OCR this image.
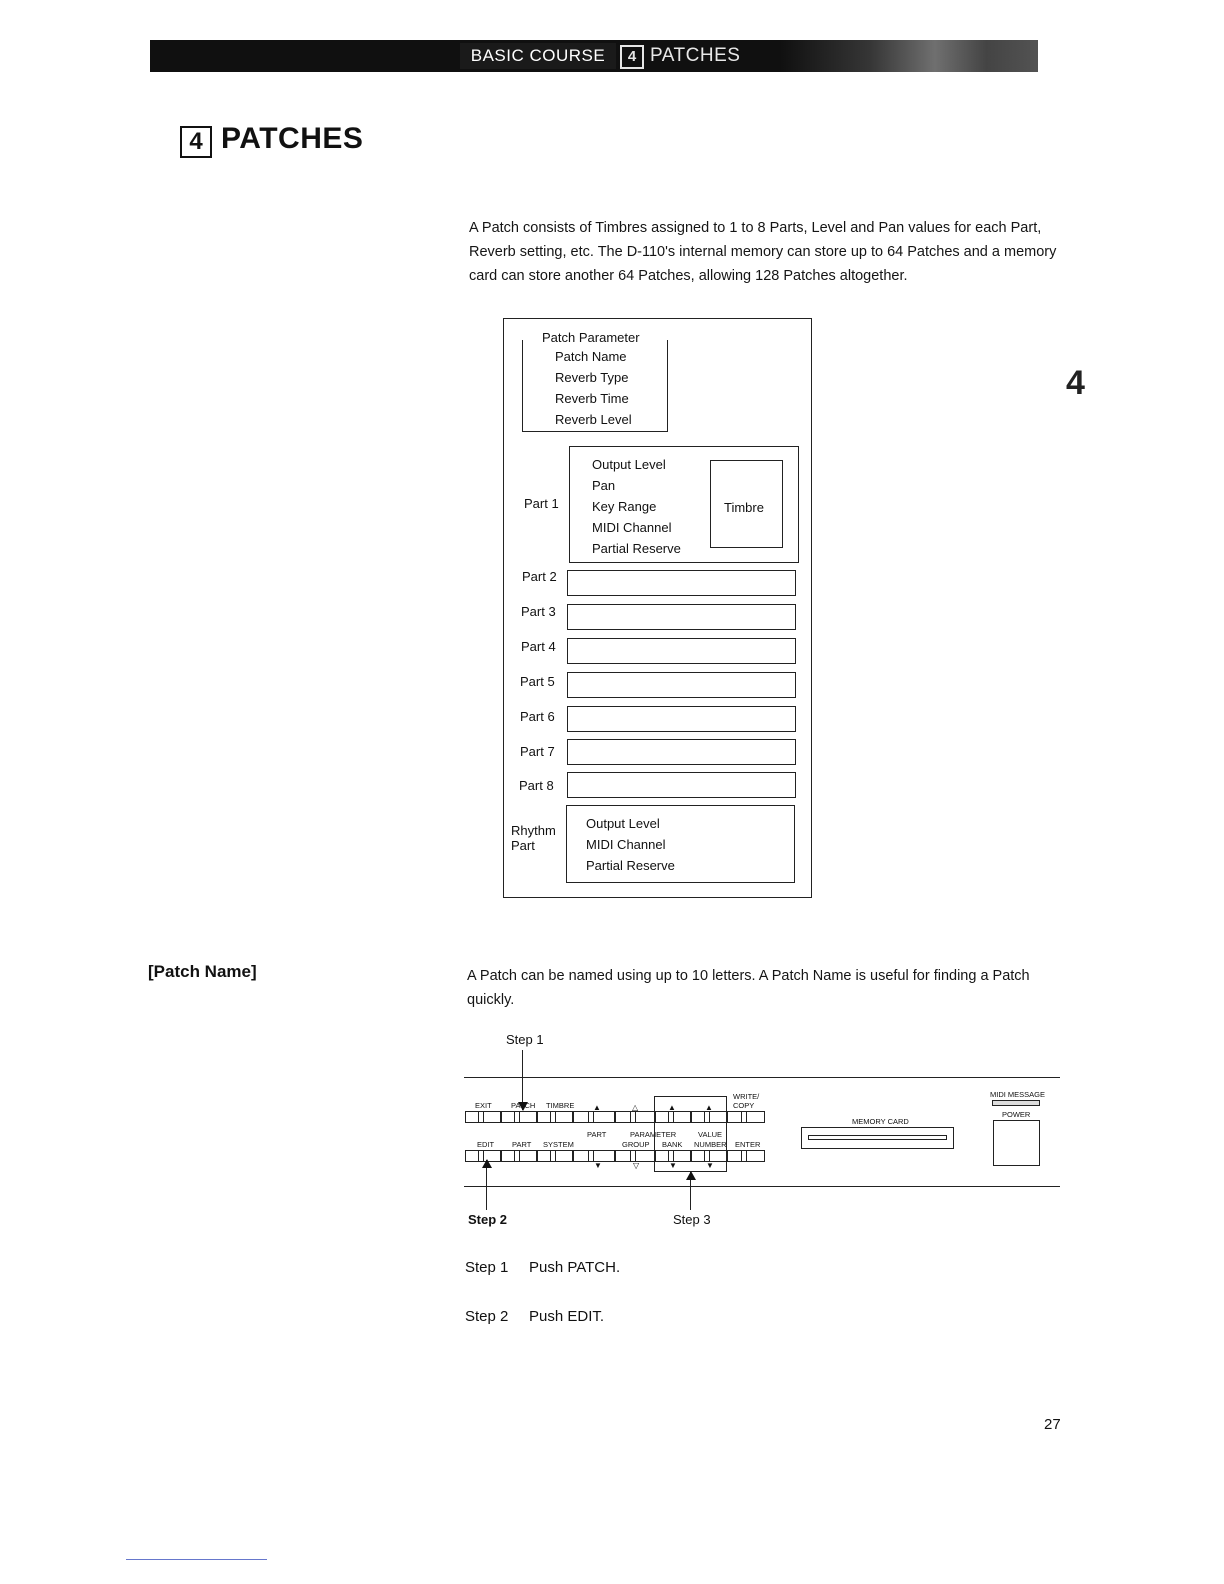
BASIC COURSE	4 PATCHES
4 PATCHES
A Patch consists of Timbres assigned to 1 to 8 Parts, Level and Pan values for each Part, Reverb setting, etc. The D-110's internal memory can store up to 64 Patches and a memory card can store another 64 Patches, allowing 128 Patches altogether.
4
Patch Parameter
Patch Name
Reverb Type
Reverb Time
Reverb Level
Part 1
Output Level
Pan
Key Range
MIDI Channel
Partial Reserve
Timbre
Part 2
Part 3
Part 4
Part 5
Part 6
Part 7
Part 8
Rhythm
Part
Output Level
MIDI Channel
Partial Reserve
[Patch Name]	A Patch can be named using up to 10 letters. A Patch Name is useful for finding a Patch quickly.
Step 1
EXIT	PATCH TIMBRE
WRITE/
COPY
▲	△	▲	▲
PART	PARAMETER	VALUE
EDIT PART SYSTEM	GROUP BANK NUMBER ENTER
▼	▽	▼	▼
MEMORY CARD
MIDI MESSAGE
POWER
Step 2	Step 3
Step 1 Push PATCH.
Step 2 Push EDIT.
27
